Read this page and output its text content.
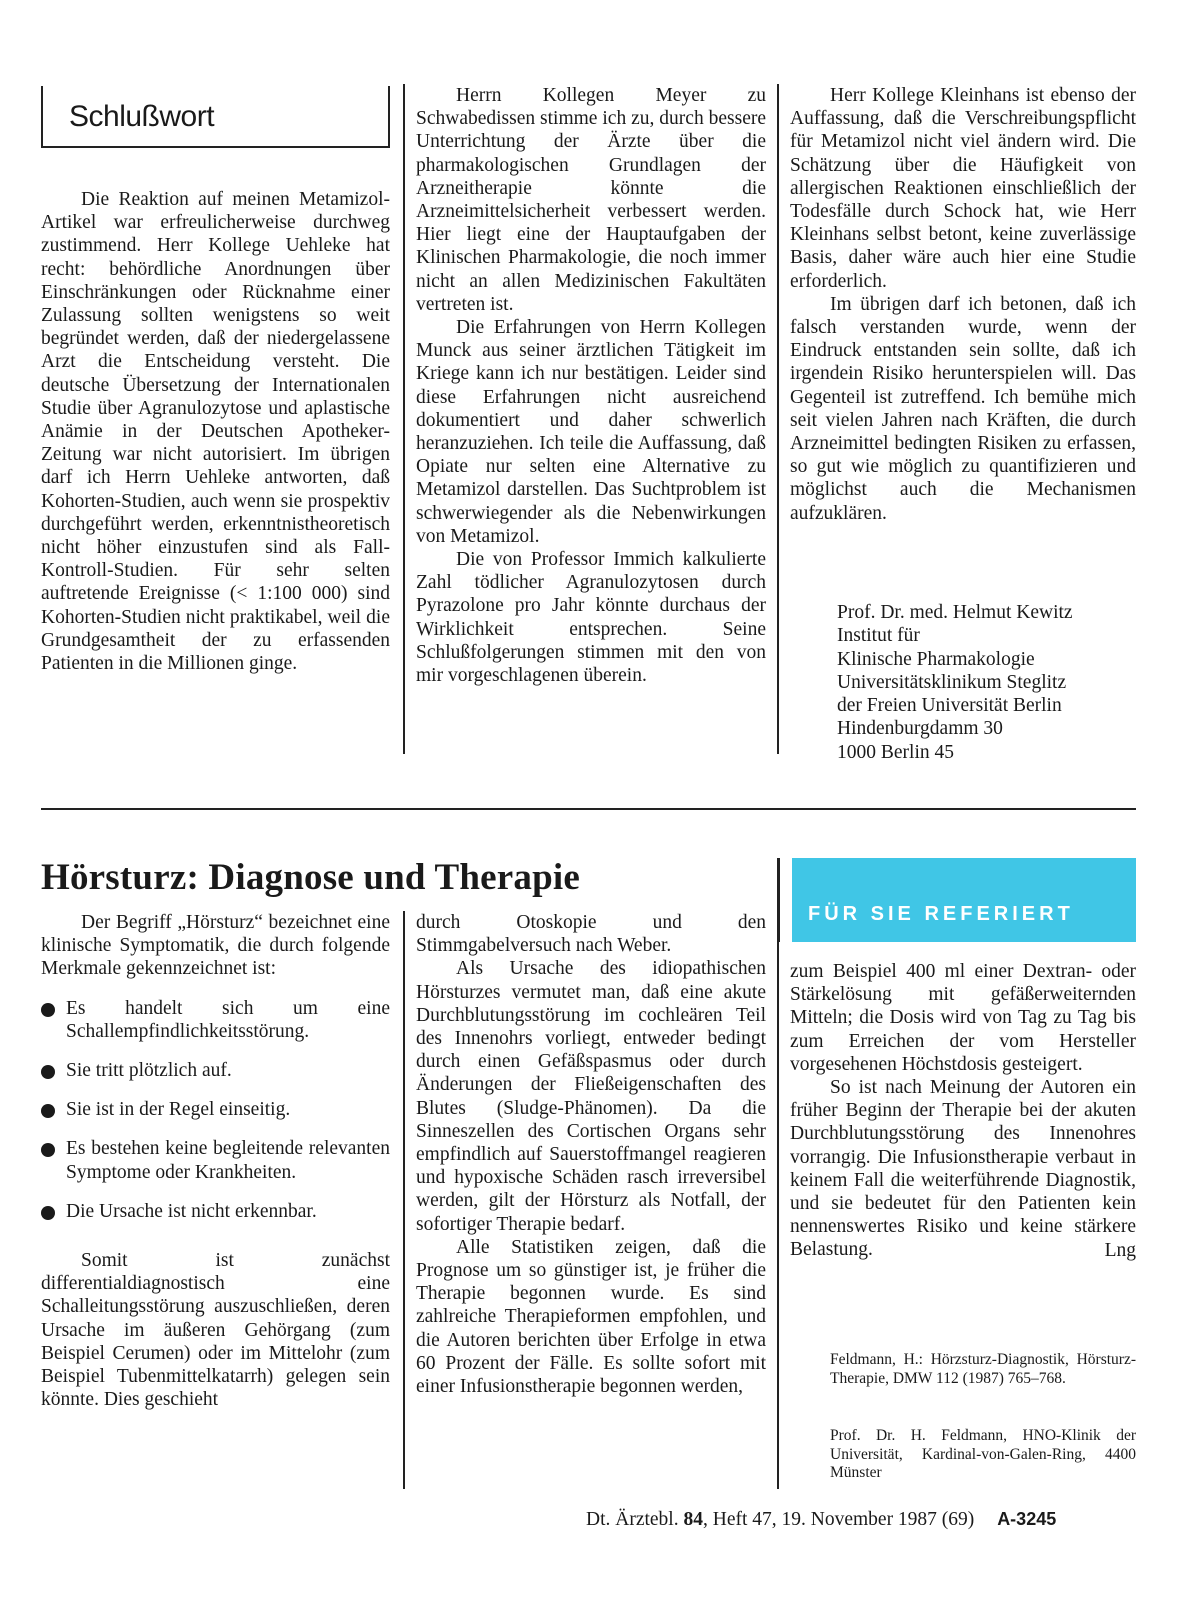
Schlußwort

Die Reaktion auf meinen Metamizol-Artikel war erfreulicherweise durchweg zustimmend. Herr Kollege Uehleke hat recht: behördliche Anordnungen über Einschränkungen oder Rücknahme einer Zulassung sollten wenigstens so weit begründet werden, daß der niedergelassene Arzt die Entscheidung versteht. Die deutsche Übersetzung der Internationalen Studie über Agranulozytose und aplastische Anämie in der Deutschen Apotheker-Zeitung war nicht autorisiert. Im übrigen darf ich Herrn Uehleke antworten, daß Kohorten-Studien, auch wenn sie prospektiv durchgeführt werden, erkenntnistheoretisch nicht höher einzustufen sind als Fall-Kontroll-Studien. Für sehr selten auftretende Ereignisse (< 1:100 000) sind Kohorten-Studien nicht praktikabel, weil die Grundgesamtheit der zu erfassenden Patienten in die Millionen ginge.

Herrn Kollegen Meyer zu Schwabedissen stimme ich zu, durch bessere Unterrichtung der Ärzte über die pharmakologischen Grundlagen der Arzneitherapie könnte die Arzneimittelsicherheit verbessert werden. Hier liegt eine der Hauptaufgaben der Klinischen Pharmakologie, die noch immer nicht an allen Medizinischen Fakultäten vertreten ist.

Die Erfahrungen von Herrn Kollegen Munck aus seiner ärztlichen Tätigkeit im Kriege kann ich nur bestätigen. Leider sind diese Erfahrungen nicht ausreichend dokumentiert und daher schwerlich heranzuziehen. Ich teile die Auffassung, daß Opiate nur selten eine Alternative zu Metamizol darstellen. Das Suchtproblem ist schwerwiegender als die Nebenwirkungen von Metamizol.

Die von Professor Immich kalkulierte Zahl tödlicher Agranulozytosen durch Pyrazolone pro Jahr könnte durchaus der Wirklichkeit entsprechen. Seine Schlußfolgerungen stimmen mit den von mir vorgeschlagenen überein.

Herr Kollege Kleinhans ist ebenso der Auffassung, daß die Verschreibungspflicht für Metamizol nicht viel ändern wird. Die Schätzung über die Häufigkeit von allergischen Reaktionen einschließlich der Todesfälle durch Schock hat, wie Herr Kleinhans selbst betont, keine zuverlässige Basis, daher wäre auch hier eine Studie erforderlich.

Im übrigen darf ich betonen, daß ich falsch verstanden wurde, wenn der Eindruck entstanden sein sollte, daß ich irgendein Risiko herunterspielen will. Das Gegenteil ist zutreffend. Ich bemühe mich seit vielen Jahren nach Kräften, die durch Arzneimittel bedingten Risiken zu erfassen, so gut wie möglich zu quantifizieren und möglichst auch die Mechanismen aufzuklären.

Prof. Dr. med. Helmut Kewitz
Institut für
Klinische Pharmakologie
Universitätsklinikum Steglitz
der Freien Universität Berlin
Hindenburgdamm 30
1000 Berlin 45
Hörsturz: Diagnose und Therapie
FÜR SIE REFERIERT

Der Begriff „Hörsturz“ bezeichnet eine klinische Symptomatik, die durch folgende Merkmale gekennzeichnet ist:

Es handelt sich um eine Schallempfindlichkeitsstörung.
Sie tritt plötzlich auf.
Sie ist in der Regel einseitig.
Es bestehen keine begleitende relevanten Symptome oder Krankheiten.
Die Ursache ist nicht erkennbar.

Somit ist zunächst differentialdiagnostisch eine Schalleitungsstörung auszuschließen, deren Ursache im äußeren Gehörgang (zum Beispiel Cerumen) oder im Mittelohr (zum Beispiel Tubenmittelkatarrh) gelegen sein könnte. Dies geschieht

durch Otoskopie und den Stimmgabelversuch nach Weber.

Als Ursache des idiopathischen Hörsturzes vermutet man, daß eine akute Durchblutungsstörung im cochleären Teil des Innenohrs vorliegt, entweder bedingt durch einen Gefäßspasmus oder durch Änderungen der Fließeigenschaften des Blutes (Sludge-Phänomen). Da die Sinneszellen des Cortischen Organs sehr empfindlich auf Sauerstoffmangel reagieren und hypoxische Schäden rasch irreversibel werden, gilt der Hörsturz als Notfall, der sofortiger Therapie bedarf.

Alle Statistiken zeigen, daß die Prognose um so günstiger ist, je früher die Therapie begonnen wurde. Es sind zahlreiche Therapieformen empfohlen, und die Autoren berichten über Erfolge in etwa 60 Prozent der Fälle. Es sollte sofort mit einer Infusionstherapie begonnen werden,

zum Beispiel 400 ml einer Dextran- oder Stärkelösung mit gefäßerweiternden Mitteln; die Dosis wird von Tag zu Tag bis zum Erreichen der vom Hersteller vorgesehenen Höchstdosis gesteigert.

So ist nach Meinung der Autoren ein früher Beginn der Therapie bei der akuten Durchblutungsstörung des Innenohres vorrangig. Die Infusionstherapie verbaut in keinem Fall die weiterführende Diagnostik, und sie bedeutet für den Patienten kein nennenswertes Risiko und keine stärkere Belastung.	Lng
Feldmann, H.: Hörzsturz-Diagnostik, Hörsturz-Therapie, DMW 112 (1987) 765–768.
Prof. Dr. H. Feldmann, HNO-Klinik der Universität, Kardinal-von-Galen-Ring, 4400 Münster
Dt. Ärztebl. 84, Heft 47, 19. November 1987 (69) A-3245
